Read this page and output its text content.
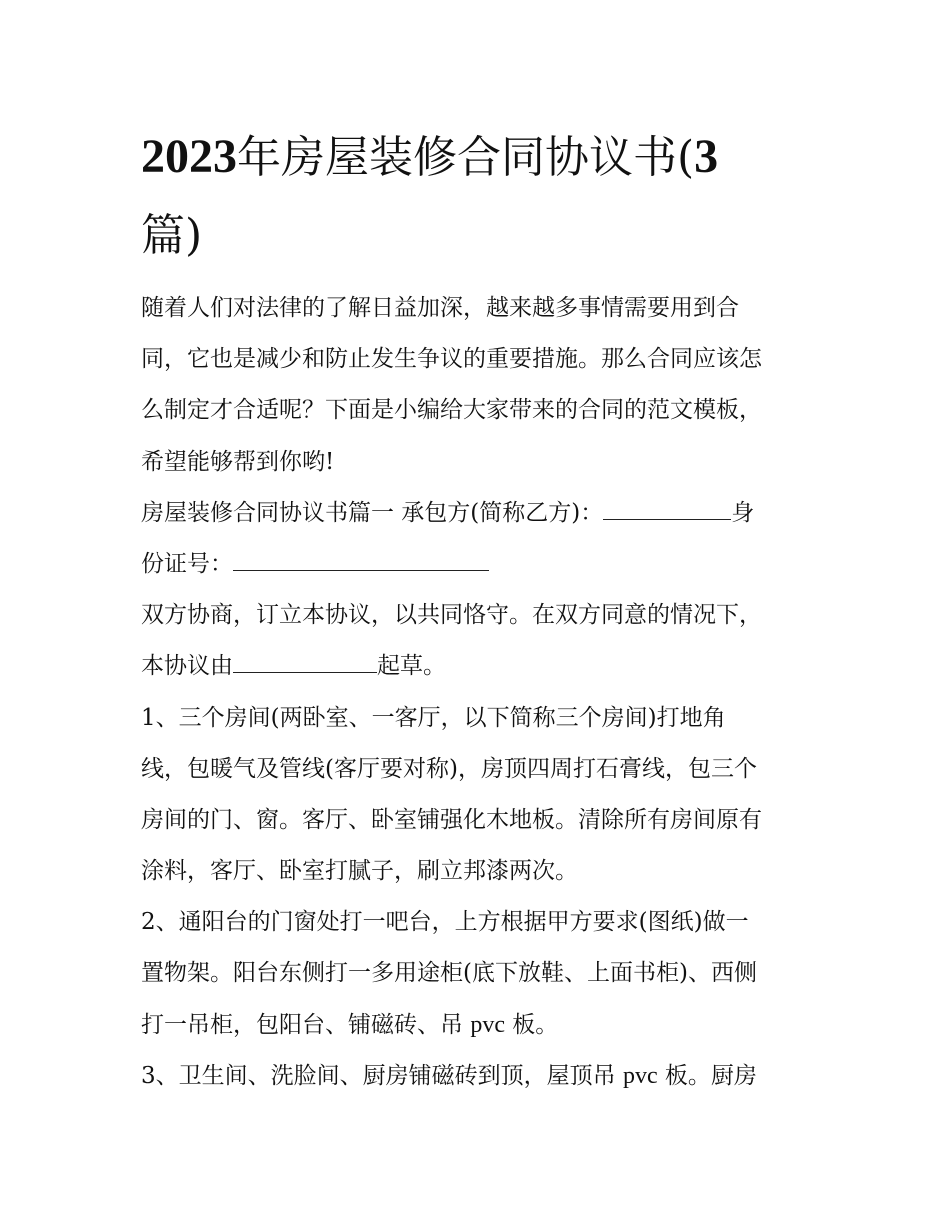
2023年房屋装修合同协议书(3
篇)
随着人们对法律的了解日益加深，越来越多事情需要用到合
同，它也是减少和防止发生争议的重要措施。那么合同应该怎
么制定才合适呢？下面是小编给大家带来的合同的范文模板，
希望能够帮到你哟!
房屋装修合同协议书篇一 承包方(简称乙方)：	身
份证号：
双方协商，订立本协议，以共同恪守。在双方同意的情况下，
本协议由	起草。
1、三个房间(两卧室、一客厅，以下简称三个房间)打地角
线，包暖气及管线(客厅要对称)，房顶四周打石膏线，包三个
房间的门、窗。客厅、卧室铺强化木地板。清除所有房间原有
涂料，客厅、卧室打腻子，刷立邦漆两次。
2、通阳台的门窗处打一吧台，上方根据甲方要求(图纸)做一
置物架。阳台东侧打一多用途柜(底下放鞋、上面书柜)、西侧
打一吊柜，包阳台、铺磁砖、吊 pvc 板。
3、卫生间、洗脸间、厨房铺磁砖到顶，屋顶吊 pvc 板。厨房
